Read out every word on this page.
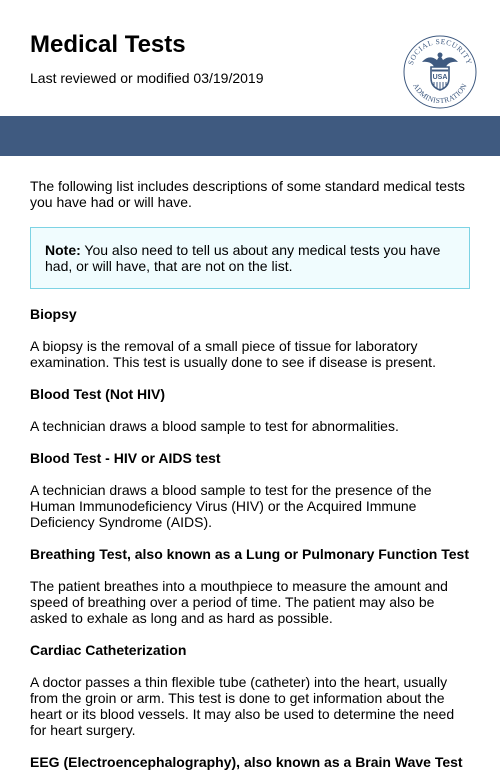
Medical Tests
Last reviewed or modified 03/19/2019
SOCIAL SECURITY
ADMINISTRATION
USA

The following list includes descriptions of some standard medical tests you have had or will have.

Note: You also need to tell us about any medical tests you have had, or will have, that are not on the list.
Biopsy

A biopsy is the removal of a small piece of tissue for laboratory examination. This test is usually done to see if disease is present.

Blood Test (Not HIV)

A technician draws a blood sample to test for abnormalities.

Blood Test - HIV or AIDS test

A technician draws a blood sample to test for the presence of the Human Immunodeficiency Virus (HIV) or the Acquired Immune Deficiency Syndrome (AIDS).

Breathing Test, also known as a Lung or Pulmonary Function Test

The patient breathes into a mouthpiece to measure the amount and speed of breathing over a period of time. The patient may also be asked to exhale as long and as hard as possible.

Cardiac Catheterization

A doctor passes a thin flexible tube (catheter) into the heart, usually from the groin or arm. This test is done to get information about the heart or its blood vessels. It may also be used to determine the need for heart surgery.

EEG (Electroencephalography), also known as a Brain Wave Test
